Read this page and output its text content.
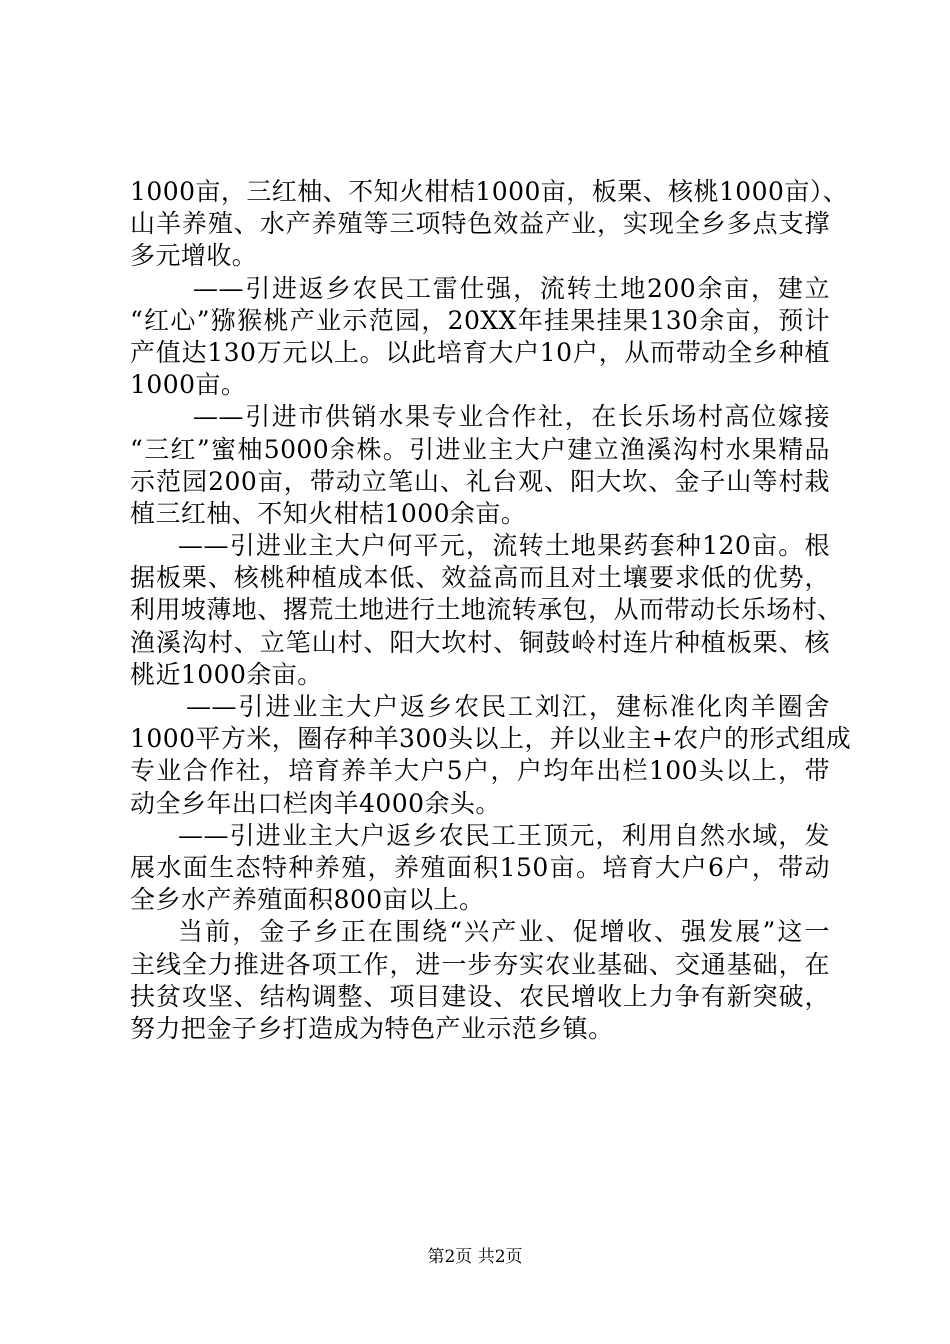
1000亩，三红柚、不知火柑桔1000亩，板栗、核桃1000亩）、
山羊养殖、水产养殖等三项特色效益产业，实现全乡多点支撑
多元增收。
——引进返乡农民工雷仕强，流转土地200余亩，建立
“红心”猕猴桃产业示范园，20XX年挂果挂果130余亩，预计
产值达130万元以上。以此培育大户10户，从而带动全乡种植
1000亩。
——引进市供销水果专业合作社，在长乐场村高位嫁接
“三红”蜜柚5000余株。引进业主大户建立渔溪沟村水果精品
示范园200亩，带动立笔山、礼台观、阳大坎、金子山等村栽
植三红柚、不知火柑桔1000余亩。
——引进业主大户何平元，流转土地果药套种120亩。根
据板栗、核桃种植成本低、效益高而且对土壤要求低的优势，
利用坡薄地、撂荒土地进行土地流转承包，从而带动长乐场村、
渔溪沟村、立笔山村、阳大坎村、铜鼓岭村连片种植板栗、核
桃近1000余亩。
——引进业主大户返乡农民工刘江，建标准化肉羊圈舍
1000平方米，圈存种羊300头以上，并以业主+农户的形式组成
专业合作社，培育养羊大户5户，户均年出栏100头以上，带
动全乡年出口栏肉羊4000余头。
——引进业主大户返乡农民工王顶元，利用自然水域，发
展水面生态特种养殖，养殖面积150亩。培育大户6户，带动
全乡水产养殖面积800亩以上。
当前，金子乡正在围绕“兴产业、促增收、强发展”这一
主线全力推进各项工作，进一步夯实农业基础、交通基础，在
扶贫攻坚、结构调整、项目建设、农民增收上力争有新突破，
努力把金子乡打造成为特色产业示范乡镇。
第2页 共2页
